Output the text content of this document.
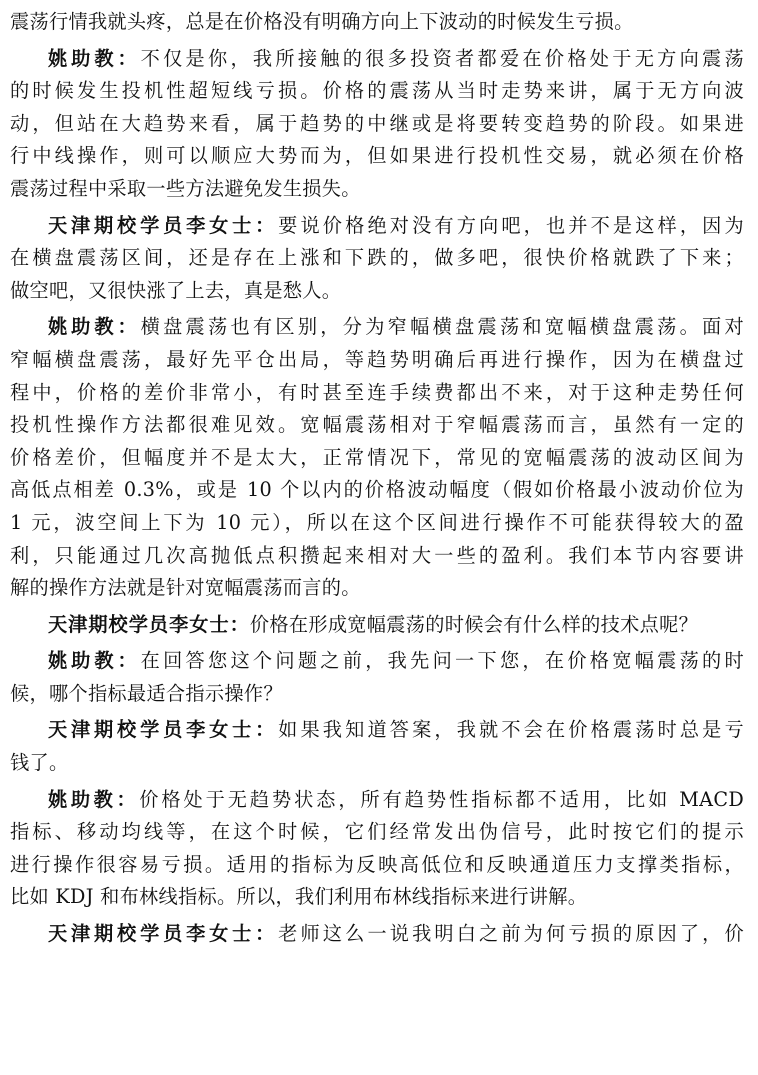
震荡行情我就头疼，总是在价格没有明确方向上下波动的时候发生亏损。
姚助教：不仅是你，我所接触的很多投资者都爱在价格处于无方向震荡
的时候发生投机性超短线亏损。价格的震荡从当时走势来讲，属于无方向波
动，但站在大趋势来看，属于趋势的中继或是将要转变趋势的阶段。如果进
行中线操作，则可以顺应大势而为，但如果进行投机性交易，就必须在价格
震荡过程中采取一些方法避免发生损失。
天津期校学员李女士：要说价格绝对没有方向吧，也并不是这样，因为
在横盘震荡区间，还是存在上涨和下跌的，做多吧，很快价格就跌了下来；
做空吧，又很快涨了上去，真是愁人。
姚助教：横盘震荡也有区别，分为窄幅横盘震荡和宽幅横盘震荡。面对
窄幅横盘震荡，最好先平仓出局，等趋势明确后再进行操作，因为在横盘过
程中，价格的差价非常小，有时甚至连手续费都出不来，对于这种走势任何
投机性操作方法都很难见效。宽幅震荡相对于窄幅震荡而言，虽然有一定的
价格差价，但幅度并不是太大，正常情况下，常见的宽幅震荡的波动区间为
高低点相差 0.3%，或是 10 个以内的价格波动幅度（假如价格最小波动价位为
1 元，波空间上下为 10 元），所以在这个区间进行操作不可能获得较大的盈
利，只能通过几次高抛低点积攒起来相对大一些的盈利。我们本节内容要讲
解的操作方法就是针对宽幅震荡而言的。
天津期校学员李女士：价格在形成宽幅震荡的时候会有什么样的技术点呢？
姚助教：在回答您这个问题之前，我先问一下您，在价格宽幅震荡的时
候，哪个指标最适合指示操作？
天津期校学员李女士：如果我知道答案，我就不会在价格震荡时总是亏
钱了。
姚助教：价格处于无趋势状态，所有趋势性指标都不适用，比如 MACD
指标、移动均线等，在这个时候，它们经常发出伪信号，此时按它们的提示
进行操作很容易亏损。适用的指标为反映高低位和反映通道压力支撑类指标，
比如 KDJ 和布林线指标。所以，我们利用布林线指标来进行讲解。
天津期校学员李女士：老师这么一说我明白之前为何亏损的原因了，价
